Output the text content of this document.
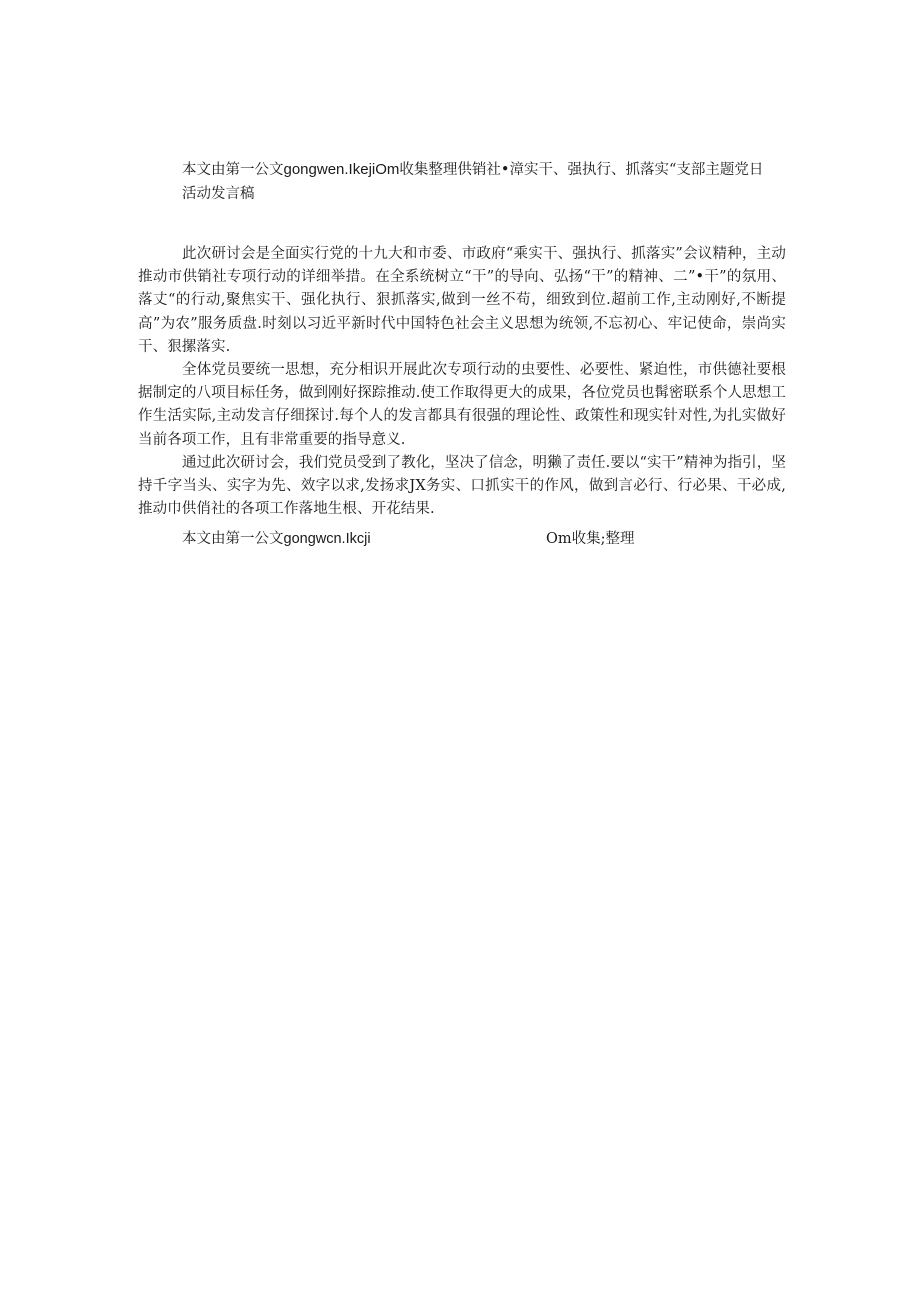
本文由第一公文gongwen.IkejiOm收集整理供销社•漳实干、强执行、抓落实“支部主题党日

活动发言稿

此次研讨会是全面实行党的十九大和市委、市政府“乘实干、强执行、抓落实”会议精种，主动推动市供销社专项行动的详细举措。在全系统树立“干”的导向、弘扬“干”的精神、二”•干”的氛用、落丈“的行动,聚焦实干、强化执行、狠抓落实,做到一丝不苟，细致到位.超前工作,主动刚好,不断提高”为农”服务质盘.时刻以习近平新时代中国特色社会主义思想为统领,不忘初心、牢记使命，崇尚实干、狠摞落实.

全体党员要统一思想，充分相识开展此次专项行动的虫要性、必要性、紧迫性，市供德社要根据制定的八项目标任务，做到刚好探踪推动.使工作取得更大的成果，各位党员也髯密联系个人思想工作生活实际,主动发言仔细探讨.每个人的发言都具有很强的理论性、政策性和现实针对性,为扎实做好当前各项工作，且有非常重要的指导意义.

通过此次研讨会，我们党员受到了教化，坚决了信念，明獭了责任.要以“实干”精神为指引，坚持千字当头、实字为先、效字以求,发扬求JX务实、口抓实干的作风，做到言必行、行必果、干必成,推动巾供俏社的各项工作落地生根、开花结果.

本文由第一公文gongwcn.Ikcji	Om收集;整理
